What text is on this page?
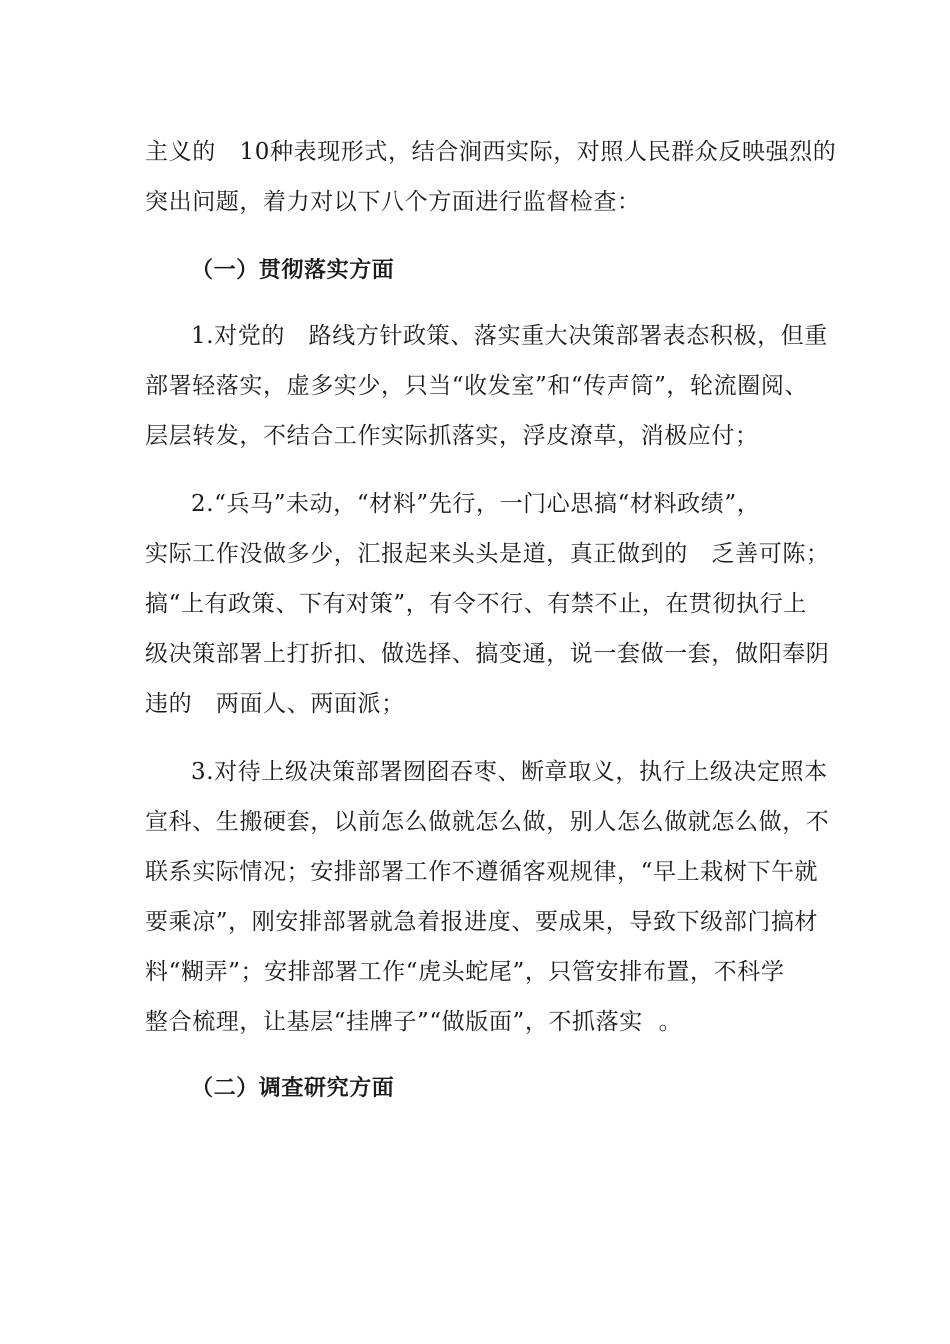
主义的   10种表现形式，结合涧西实际，对照人民群众反映强烈的
突出问题，着力对以下八个方面进行监督检查：
（一）贯彻落实方面
1.对党的   路线方针政策、落实重大决策部署表态积极，但重
部署轻落实，虚多实少，只当“收发室”和“传声筒”，轮流圈阅、
层层转发，不结合工作实际抓落实，浮皮潦草，消极应付；
2.“兵马”未动，“材料”先行，一门心思搞“材料政绩”，
实际工作没做多少，汇报起来头头是道，真正做到的   乏善可陈；
搞“上有政策、下有对策”，有令不行、有禁不止，在贯彻执行上
级决策部署上打折扣、做选择、搞变通，说一套做一套，做阳奉阴
违的   两面人、两面派；
3.对待上级决策部署囫囵吞枣、断章取义，执行上级决定照本
宣科、生搬硬套，以前怎么做就怎么做，别人怎么做就怎么做，不
联系实际情况；安排部署工作不遵循客观规律，“早上栽树下午就
要乘凉”，刚安排部署就急着报进度、要成果，导致下级部门搞材
料“糊弄”；安排部署工作“虎头蛇尾”，只管安排布置，不科学
整合梳理，让基层“挂牌子”“做版面”，不抓落实  。
（二）调查研究方面
